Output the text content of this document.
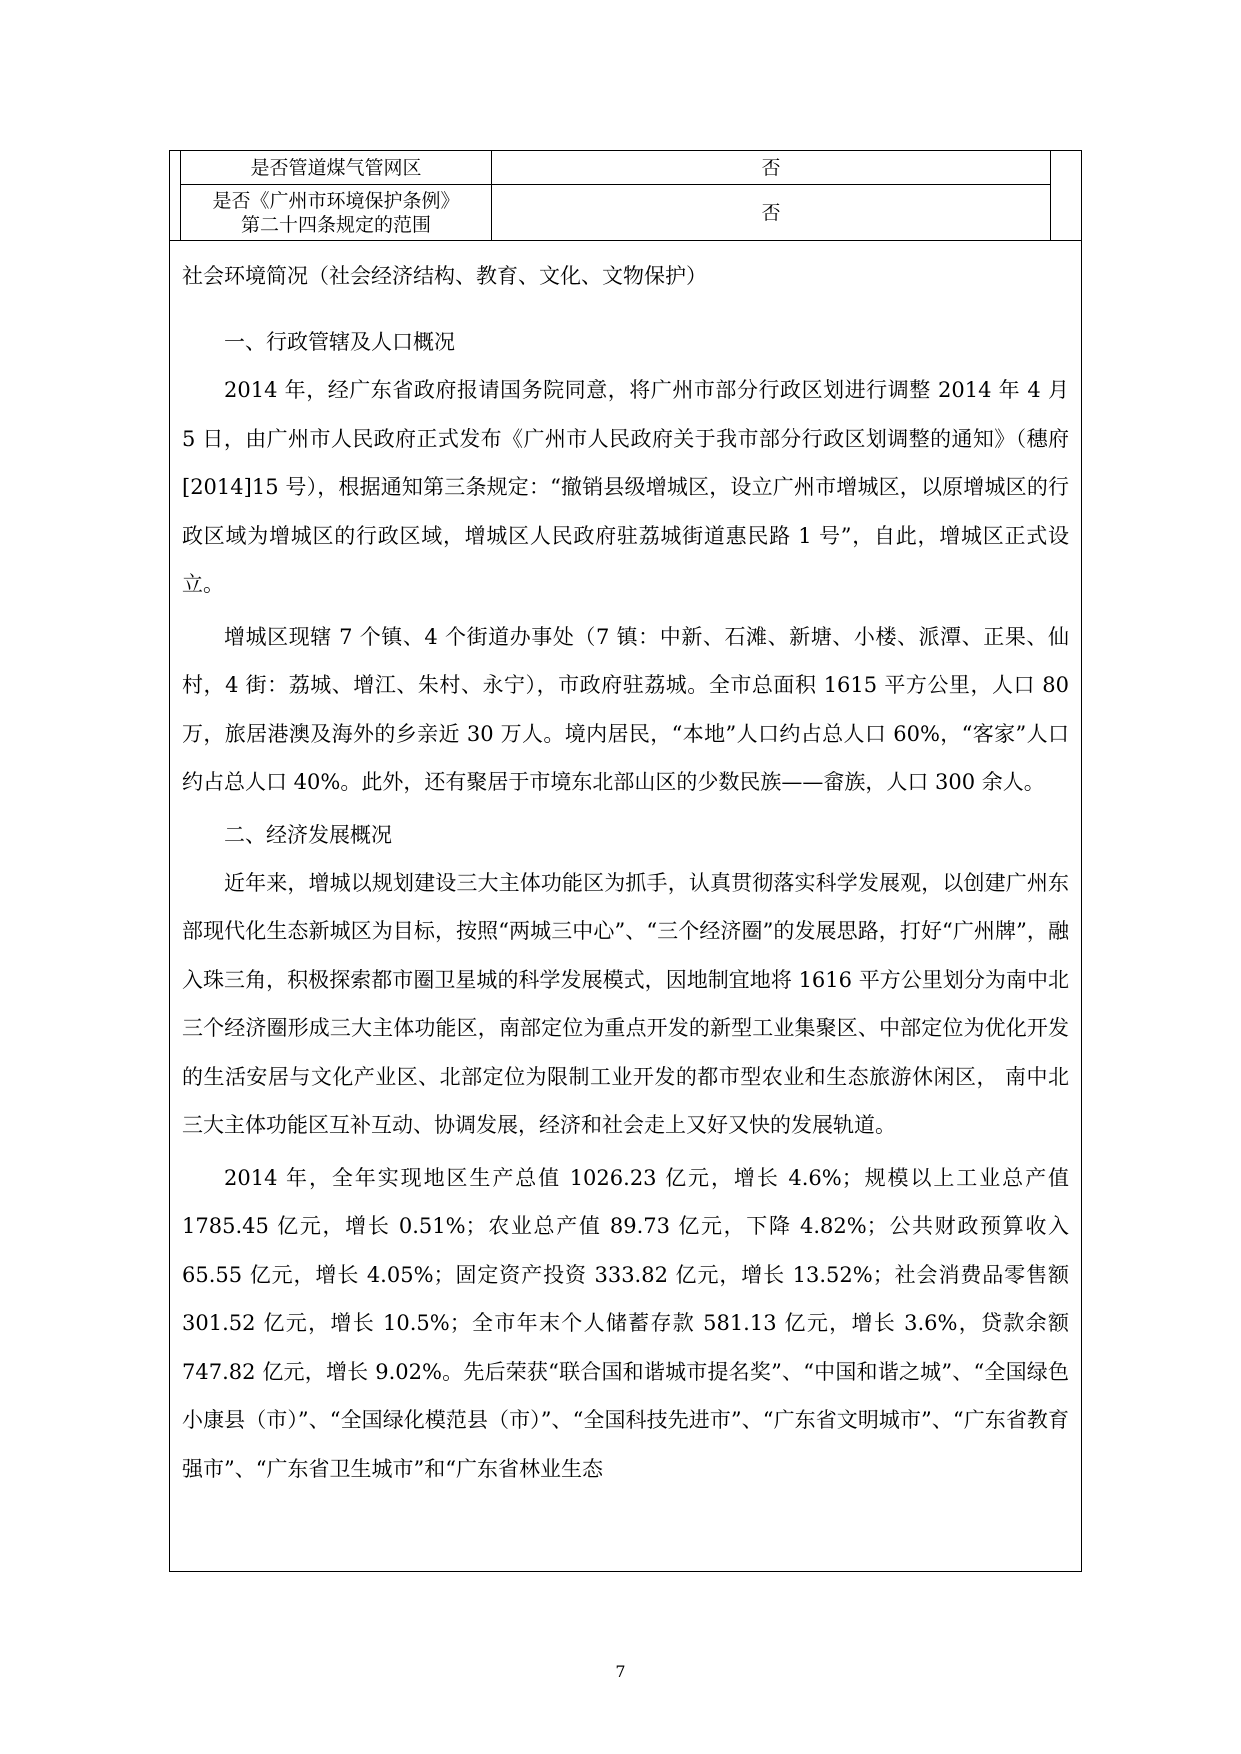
是否管道煤气管网区	否

是否《广州市环境保护条例》
第二十四条规定的范围	否
社会环境简况（社会经济结构、教育、文化、文物保护）
一、行政管辖及人口概况

2014 年，经广东省政府报请国务院同意，将广州市部分行政区划进行调整 2014 年 4 月 5 日，由广州市人民政府正式发布《广州市人民政府关于我市部分行政区划调整的通知》（穗府[2014]15 号），根据通知第三条规定：“撤销县级增城区，设立广州市增城区，以原增城区的行政区域为增城区的行政区域，增城区人民政府驻荔城街道惠民路 1 号”，自此，增城区正式设立。

增城区现辖 7 个镇、4 个街道办事处（7 镇：中新、石滩、新塘、小楼、派潭、正果、仙村，4 街：荔城、增江、朱村、永宁），市政府驻荔城。全市总面积 1615 平方公里，人口 80 万，旅居港澳及海外的乡亲近 30 万人。境内居民，“本地”人口约占总人口 60%，“客家”人口约占总人口 40%。此外，还有聚居于市境东北部山区的少数民族——畲族，人口 300 余人。

二、经济发展概况

近年来，增城以规划建设三大主体功能区为抓手，认真贯彻落实科学发展观，以创建广州东部现代化生态新城区为目标，按照“两城三中心”、“三个经济圈”的发展思路，打好“广州牌”，融入珠三角，积极探索都市圈卫星城的科学发展模式，因地制宜地将 1616 平方公里划分为南中北三个经济圈形成三大主体功能区，南部定位为重点开发的新型工业集聚区、中部定位为优化开发的生活安居与文化产业区、北部定位为限制工业开发的都市型农业和生态旅游休闲区， 南中北三大主体功能区互补互动、协调发展，经济和社会走上又好又快的发展轨道。

2014 年，全年实现地区生产总值 1026.23 亿元，增长 4.6%；规模以上工业总产值 1785.45 亿元，增长 0.51%；农业总产值 89.73 亿元，下降 4.82%；公共财政预算收入 65.55 亿元，增长 4.05%；固定资产投资 333.82 亿元，增长 13.52%；社会消费品零售额 301.52 亿元，增长 10.5%；全市年末个人储蓄存款 581.13 亿元，增长 3.6%，贷款余额 747.82 亿元，增长 9.02%。先后荣获“联合国和谐城市提名奖”、“中国和谐之城”、“全国绿色小康县（市）”、“全国绿化模范县（市）”、“全国科技先进市”、“广东省文明城市”、“广东省教育强市”、“广东省卫生城市”和“广东省林业生态

7
